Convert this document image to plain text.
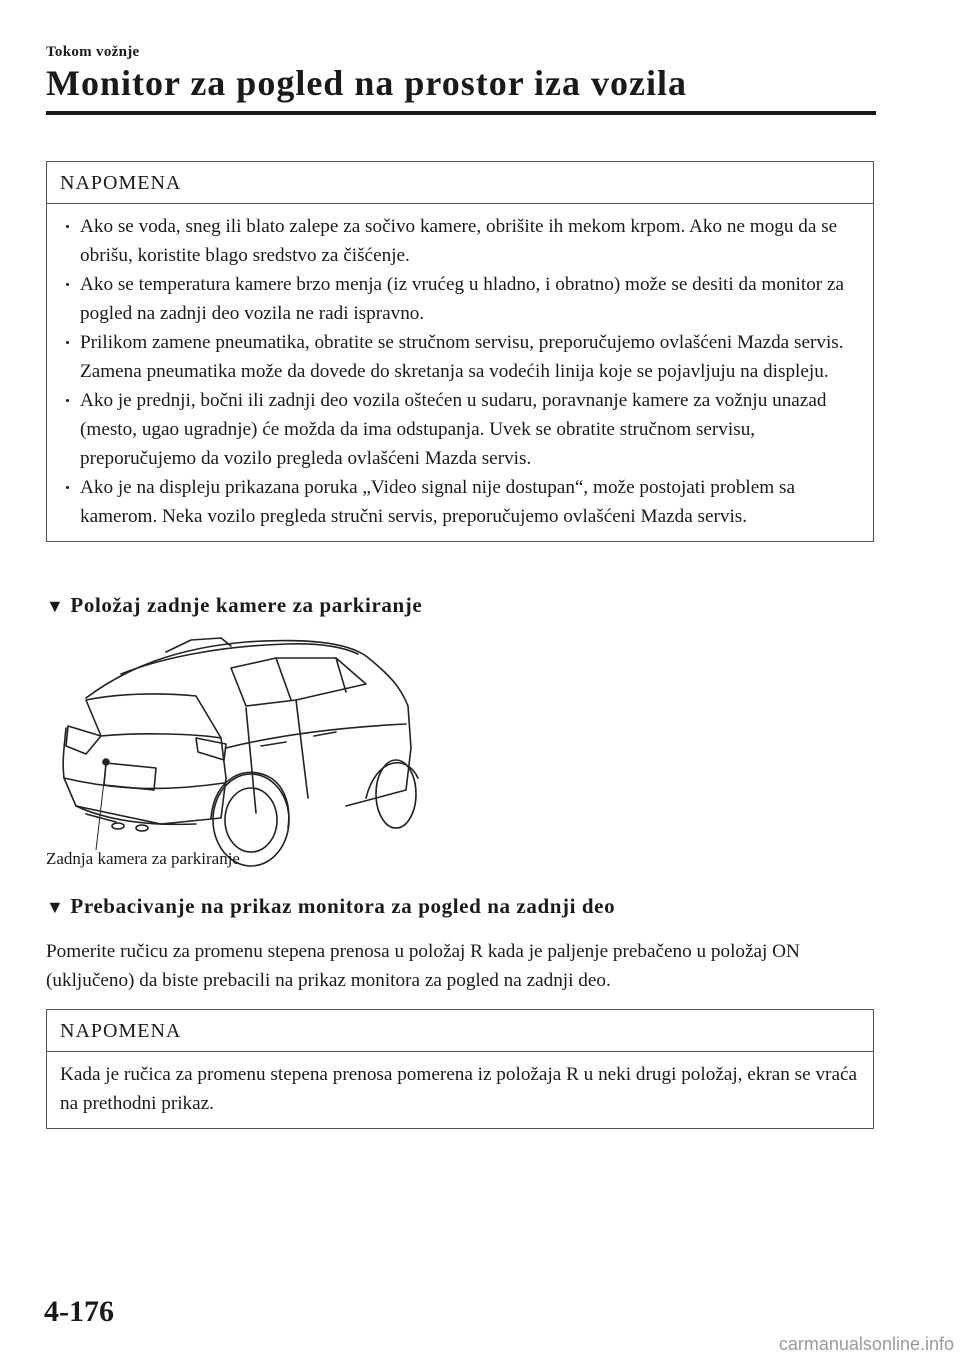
Tokom vožnje
Monitor za pogled na prostor iza vozila
NAPOMENA
Ako se voda, sneg ili blato zalepe za sočivo kamere, obrišite ih mekom krpom. Ako ne mogu da se obrišu, koristite blago sredstvo za čišćenje.
Ako se temperatura kamere brzo menja (iz vrućeg u hladno, i obratno) može se desiti da monitor za pogled na zadnji deo vozila ne radi ispravno.
Prilikom zamene pneumatika, obratite se stručnom servisu, preporučujemo ovlašćeni Mazda servis. Zamena pneumatika može da dovede do skretanja sa vodećih linija koje se pojavljuju na displeju.
Ako je prednji, bočni ili zadnji deo vozila oštećen u sudaru, poravnanje kamere za vožnju unazad (mesto, ugao ugradnje) će možda da ima odstupanja. Uvek se obratite stručnom servisu, preporučujemo da vozilo pregleda ovlašćeni Mazda servis.
Ako je na displeju prikazana poruka „Video signal nije dostupan“, može postojati problem sa kamerom. Neka vozilo pregleda stručni servis, preporučujemo ovlašćeni Mazda servis.
▼ Položaj zadnje kamere za parkiranje
Zadnja kamera za parkiranje
▼ Prebacivanje na prikaz monitora za pogled na zadnji deo
Pomerite ručicu za promenu stepena prenosa u položaj R kada je paljenje prebačeno u položaj ON (uključeno) da biste prebacili na prikaz monitora za pogled na zadnji deo.
NAPOMENA
Kada je ručica za promenu stepena prenosa pomerena iz položaja R u neki drugi položaj, ekran se vraća na prethodni prikaz.
4-176
carmanualsonline.info
